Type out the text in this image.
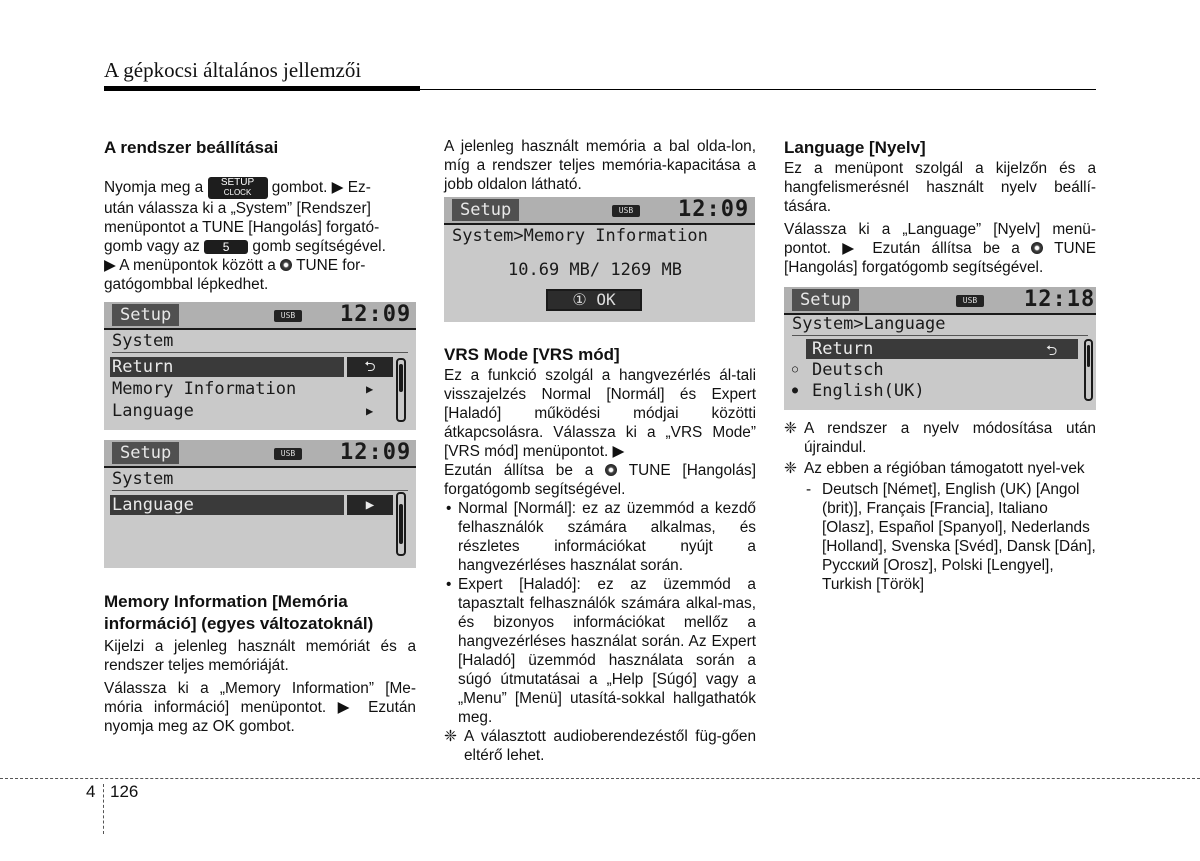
A gépkocsi általános jellemzői
A rendszer beállításai

Nyomja meg a SETUP
CLOCK	gombot. ▶ Ez-
után válassza ki a „System” [Rendszer]
menüpontot a TUNE [Hangolás] forgató-
gomb vagy az 5 gomb segítségével.
▶ A menüpontok között a TUNE for-
gatógombbal lépkedhet.

Setup	USB	12:09
System
Return	⮌
Memory Information	▶
Language	▶
Setup	USB	12:09
System
Language	▶
Memory Information [Memória
információ] (egyes változatoknál)

Kijelzi a jelenleg használt memóriát és a rendszer teljes memóriáját.

Válassza ki a „Memory Information” [Me-mória információ] menüpontot. ▶ Ezután nyomja meg az OK gombot.

A jelenleg használt memória a bal olda-lon, míg a rendszer teljes memória-kapacitása a jobb oldalon látható.

Setup	USB	12:09
System>Memory Information
10.69 MB/ 1269 MB
① OK
VRS Mode [VRS mód]

Ez a funkció szolgál a hangvezérlés ál-tali visszajelzés Normal [Normál] és Expert [Haladó] működési módjai közötti átkapcsolásra. Válassza ki a „VRS Mode” [VRS mód] menüpontot. ▶

Ezután állítsa be a TUNE [Hangolás] forgatógomb segítségével.

• Normal [Normál]: ez az üzemmód a kezdő felhasználók számára alkalmas, és részletes információkat nyújt a hangvezérléses használat során.
• Expert [Haladó]: ez az üzemmód a tapasztalt felhasználók számára alkal-mas, és bizonyos információkat mellőz a hangvezérléses használat során. Az Expert [Haladó] üzemmód használata során a súgó útmutatásai a „Help [Súgó] vagy a „Menu” [Menü] utasítá-sokkal hallgathatók meg.
❈ A választott audioberendezéstől füg-gően eltérő lehet.
Language [Nyelv]

Ez a menüpont szolgál a kijelzőn és a hangfelismerésnél használt nyelv beállí-tására.

Válassza ki a „Language” [Nyelv] menü-pontot. ▶ Ezután állítsa be a TUNE [Hangolás] forgatógomb segítségével.

Setup	USB	12:18
System>Language
Return	⮌
○ Deutsch
● English(UK)
❈ A rendszer a nyelv módosítása után újraindul.
❈ Az ebben a régióban támogatott nyel-vek
- Deutsch [Német], English (UK) [Angol (brit)], Français [Francia], Italiano [Olasz], Español [Spanyol], Nederlands [Holland], Svenska [Svéd], Dansk [Dán], Русский [Orosz], Polski [Lengyel], Turkish [Török]
4 126
